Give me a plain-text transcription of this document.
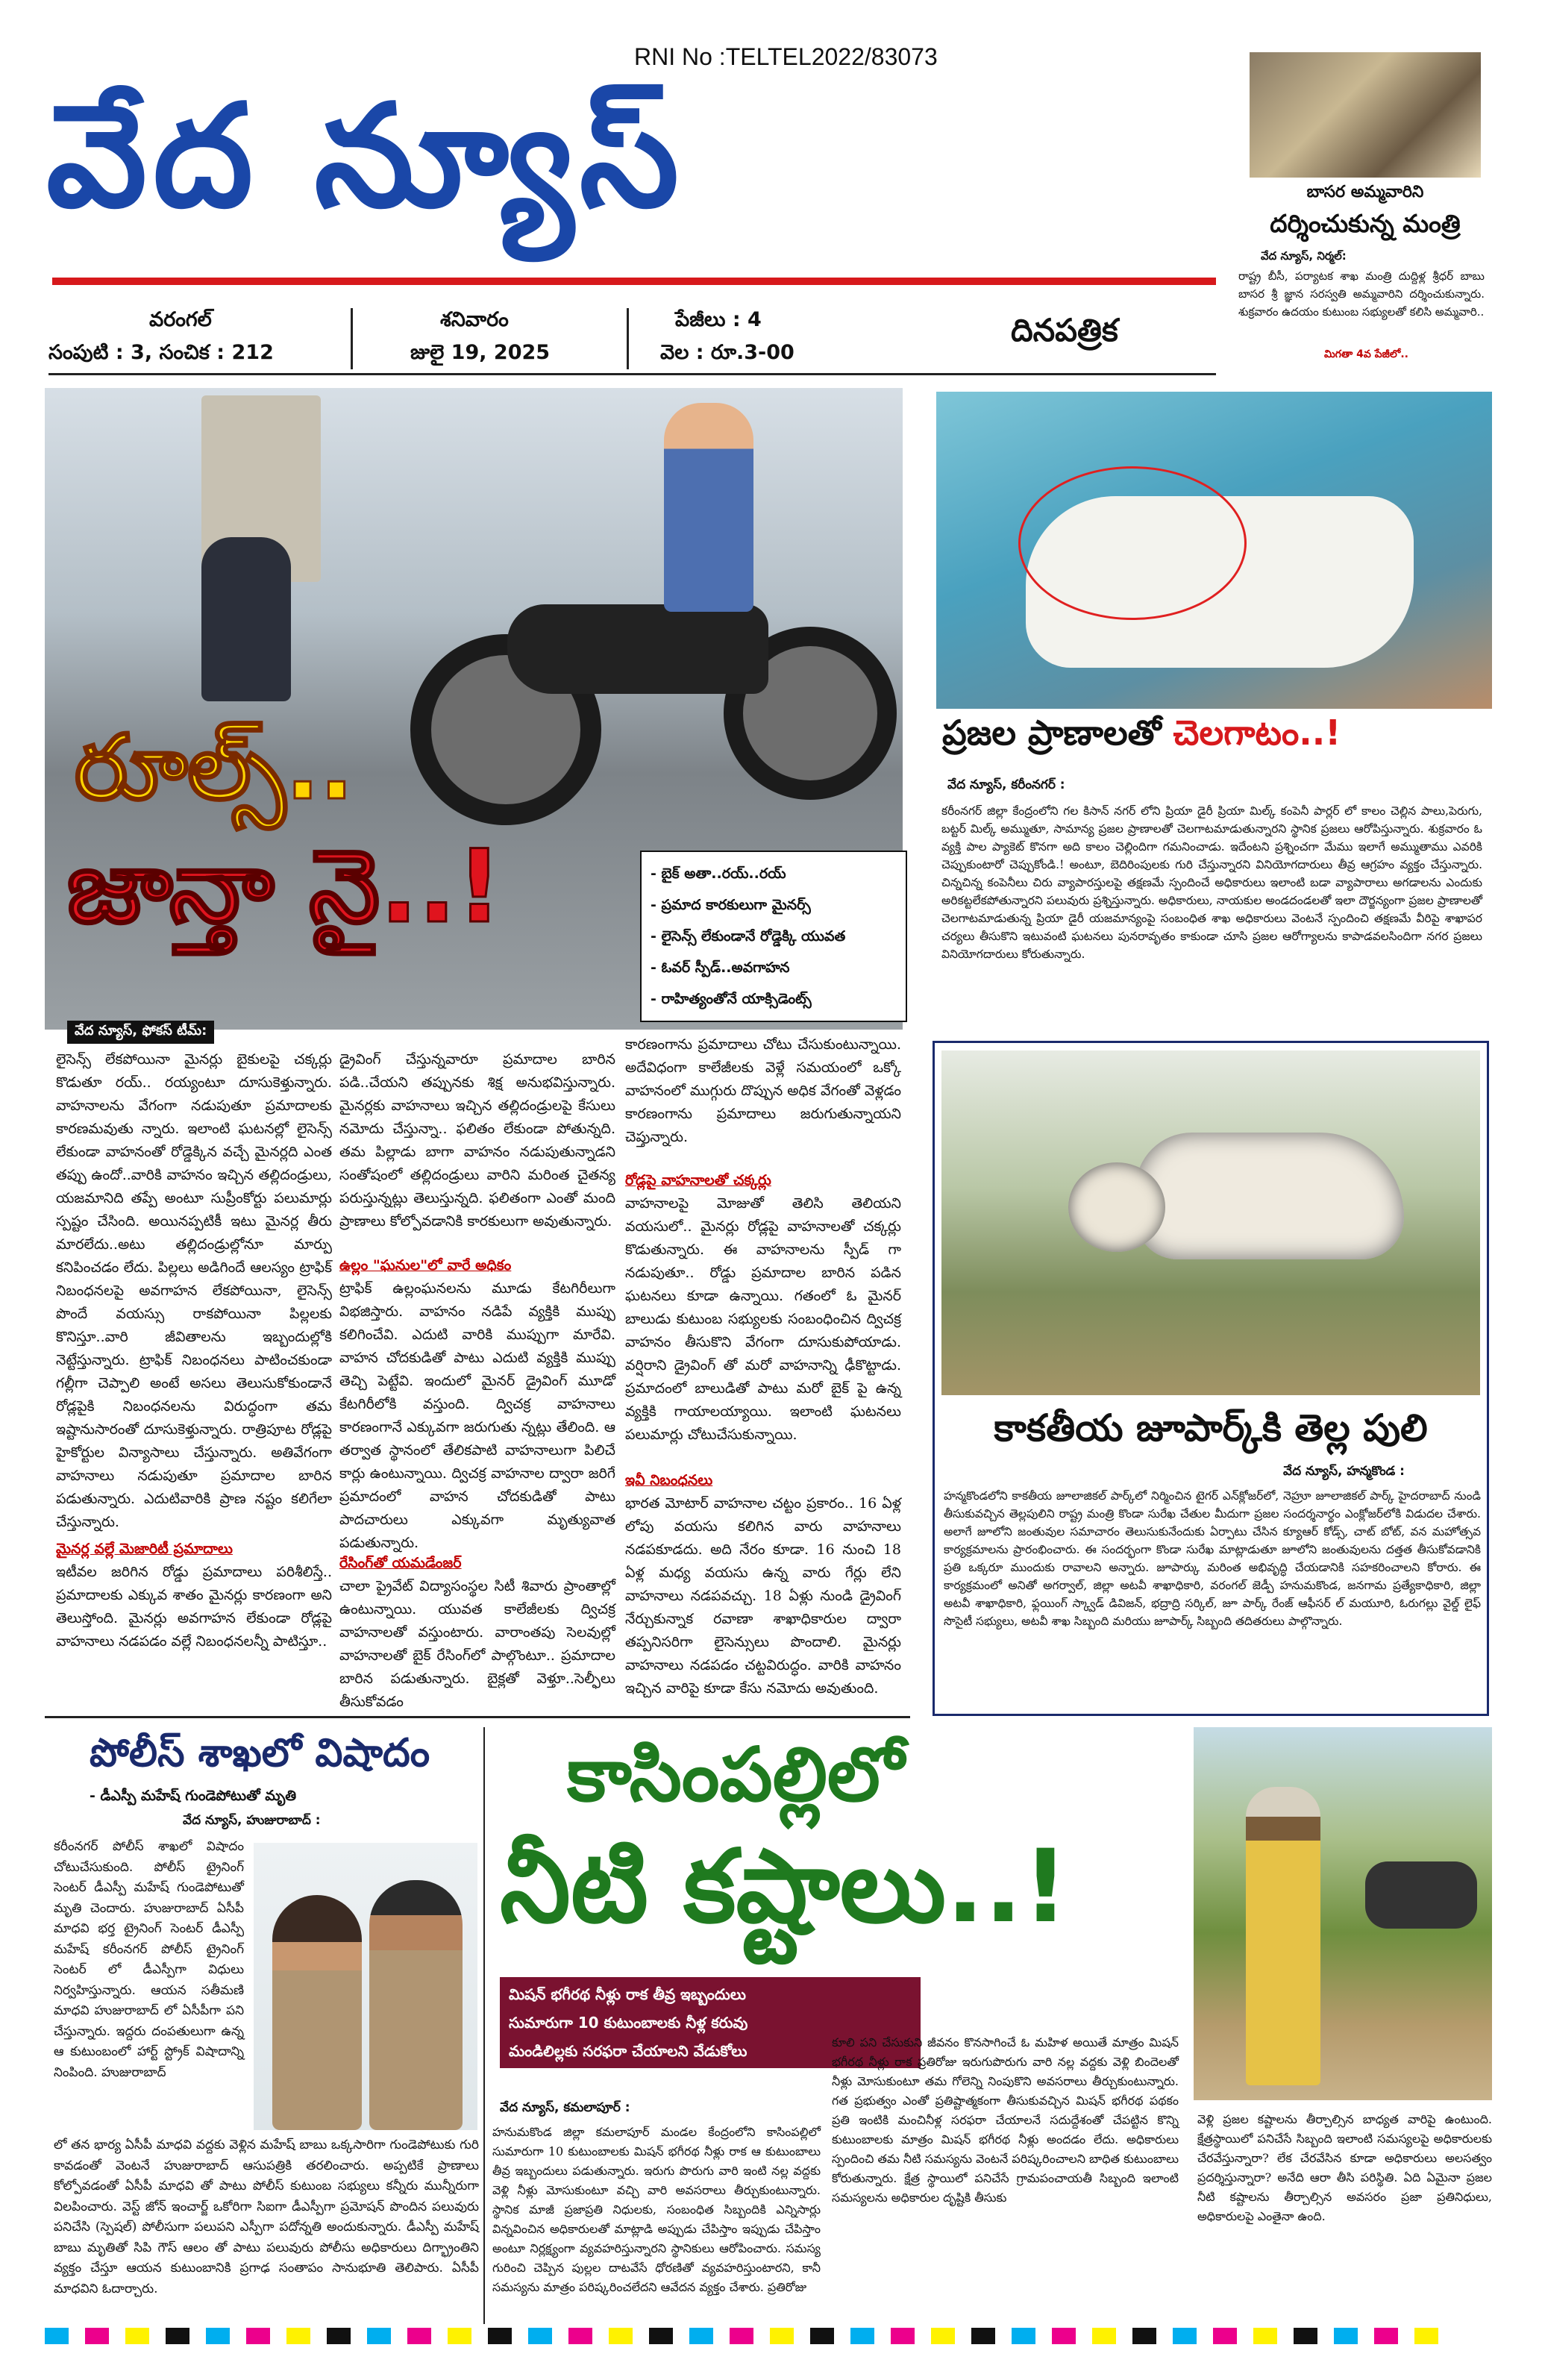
RNI No :TELTEL2022/83073
వేద న్యూస్
దినపత్రిక
వరంగల్
సంపుటి : 3, సంచిక : 212
శనివారం
జులై 19, 2025
పేజీలు : 4
వెల : రూ.3-00
బాసర అమ్మవారిని
దర్శించుకున్న మంత్రి
వేద న్యూస్, నిర్మల్:
రాష్ట్ర బీసీ, పర్యాటక శాఖ మంత్రి దుద్దిళ్ల శ్రీధర్ బాబు బాసర శ్రీ జ్ఞాన సరస్వతి అమ్మవారిని దర్శించుకున్నారు. శుక్రవారం ఉదయం కుటుంబ సభ్యులతో కలిసి అమ్మవారి..
మిగతా 4వ పేజీలో..
రూల్స్..
జాన్తా నై..!
-	బైక్ అతా..రయ్..రయ్
- ప్రమాద కారకులుగా మైనర్స్
- లైసెన్స్ లేకుండానే రోడ్డెక్కి యువత
- ఓవర్ స్పీడ్..అవగాహన
- రాహిత్యంతోనే యాక్సిడెంట్స్
వేద న్యూస్, ఫోకస్ టీమ్:
లైసెన్స్ లేకపోయినా మైనర్లు బైకులపై చక్కర్లు కొడుతూ రయ్.. రయ్యంటూ దూసుకెళ్తున్నారు. వాహనాలను వేగంగా నడుపుతూ ప్రమాదాలకు కారణమవుతు న్నారు. ఇలాంటి ఘటనల్లో లైసెన్స్ లేకుండా వాహనంతో రోడ్డెక్కిన వచ్చే మైనర్లది ఎంత తప్పు ఉందో..వారికి వాహనం ఇచ్చిన తల్లిదండ్రులు, యజమానిది తప్పే అంటూ సుప్రీంకోర్టు పలుమార్లు స్పష్టం చేసింది. అయినప్పటికీ ఇటు మైనర్ల తీరు మారలేదు..అటు తల్లిదండ్రుల్లోనూ మార్పు కనిపించడం లేదు. పిల్లలు అడిగిందే ఆలస్యం ట్రాఫిక్ నిబంధనలపై అవగాహన లేకపోయినా, లైసెన్స్ పొందే వయస్సు రాకపోయినా పిల్లలకు కొనిస్తూ..వారి జీవితాలను ఇబ్బందుల్లోకి నెట్టేస్తున్నారు. ట్రాఫిక్ నిబంధనలు పాటించకుండా గల్లీగా చెప్పాలి అంటే అసలు తెలుసుకోకుండానే రోడ్లపైకి నిబంధనలను విరుద్ధంగా తమ ఇష్టానుసారంతో దూసుకెళ్తున్నారు. రాత్రిపూట రోడ్లపై హైకోర్టుల విన్యాసాలు చేస్తున్నారు. అతివేగంగా వాహనాలు నడుపుతూ ప్రమాదాల బారిన పడుతున్నారు. ఎదుటివారికి ప్రాణ నష్టం కలిగేలా చేస్తున్నారు.
మైనర్ల వల్లే మెజారిటీ ప్రమాదాలు
ఇటీవల జరిగిన రోడ్డు ప్రమాదాలు పరిశీలిస్తే.. ప్రమాదాలకు ఎక్కువ శాతం మైనర్లు కారణంగా అని తెలుస్తోంది. మైనర్లు అవగాహన లేకుండా రోడ్లపై వాహనాలు నడపడం వల్లే నిబంధనలన్నీ పాటిస్తూ..
డ్రైవింగ్ చేస్తున్నవారూ ప్రమాదాల బారిన పడి..చేయని తప్పునకు శిక్ష అనుభవిస్తున్నారు. మైనర్లకు వాహనాలు ఇచ్చిన తల్లిదండ్రులపై కేసులు నమోదు చేస్తున్నా.. ఫలితం లేకుండా పోతున్నది. తమ పిల్లాడు బాగా వాహనం నడుపుతున్నాడని సంతోషంలో తల్లిదండ్రులు వారిని మరింత చైతన్య పరుస్తున్నట్లు తెలుస్తున్నది. ఫలితంగా ఎంతో మంది ప్రాణాలు కోల్పోవడానికి కారకులుగా అవుతున్నారు.
ఉల్లం "ఘనుల"లో వారే అధికం
ట్రాఫిక్ ఉల్లంఘనలను మూడు కేటగిరీలుగా విభజిస్తారు. వాహనం నడిపే వ్యక్తికి ముప్పు కలిగించేవి. ఎదుటి వారికి ముప్పుగా మారేవి. వాహన చోదకుడితో పాటు ఎదుటి వ్యక్తికి ముప్పు తెచ్చి పెట్టేవి. ఇందులో మైనర్ డ్రైవింగ్ మూడో కేటగిరీలోకి వస్తుంది. ద్విచక్ర వాహనాలు కారణంగానే ఎక్కువగా జరుగుతు న్నట్లు తేలింది. ఆ తర్వాత స్థానంలో తేలికపాటి వాహనాలుగా పిలిచే కార్లు ఉంటున్నాయి. ద్విచక్ర వాహనాల ద్వారా జరిగే ప్రమాదంలో వాహన చోదకుడితో పాటు పాదచారులు ఎక్కువగా మృత్యువాత పడుతున్నారు.
రేసింగ్‌తో యమడేంజర్
చాలా ప్రైవేట్ విద్యాసంస్థల సిటీ శివారు ప్రాంతాల్లో ఉంటున్నాయి. యువత కాలేజీలకు ద్విచక్ర వాహనాలతో వస్తుంటారు. వారాంతపు సెలవుల్లో వాహనాలతో బైక్ రేసింగ్‌లో పాల్గొంటూ.. ప్రమాదాల బారిన పడుతున్నారు. బైక్లతో వెళ్తూ..సెల్ఫీలు తీసుకోవడం
కారణంగాను ప్రమాదాలు చోటు చేసుకుంటున్నాయి. అదేవిధంగా కాలేజీలకు వెళ్లే సమయంలో ఒక్కో వాహనంలో ముగ్గురు దొప్పున అధిక వేగంతో వెళ్లడం కారణంగాను ప్రమాదాలు జరుగుతున్నాయని చెప్తున్నారు.
రోడ్లపై వాహనాలతో చక్కర్లు
వాహనాలపై మోజుతో తెలిసి తెలియని వయసులో.. మైనర్లు రోడ్లపై వాహనాలతో చక్కర్లు కొడుతున్నారు. ఈ వాహనాలను స్పీడ్ గా నడుపుతూ.. రోడ్డు ప్రమాదాల బారిన పడిన ఘటనలు కూడా ఉన్నాయి. గతంలో ఓ మైనర్ బాలుడు కుటుంబ సభ్యులకు సంబంధించిన ద్విచక్ర వాహనం తీసుకొని వేగంగా దూసుకుపోయాడు. వర్షిరాని డ్రైవింగ్ తో మరో వాహనాన్ని ఢీకొట్టాడు. ప్రమాదంలో బాలుడితో పాటు మరో బైక్ పై ఉన్న వ్యక్తికి గాయాలయ్యాయి. ఇలాంటి ఘటనలు పలుమార్లు చోటుచేసుకున్నాయి.
ఇవీ నిబంధనలు
భారత మోటార్ వాహనాల చట్టం ప్రకారం.. 16 ఏళ్ల లోపు వయసు కలిగిన వారు వాహనాలు నడపకూడదు. అది నేరం కూడా. 16 నుంచి 18 ఏళ్ల మధ్య వయసు ఉన్న వారు గేర్లు లేని వాహనాలు నడపవచ్చు. 18 ఏళ్లు నుండి డ్రైవింగ్ నేర్చుకున్నాక రవాణా శాఖాధికారుల ద్వారా తప్పనిసరిగా లైసెన్సులు పొందాలి. మైనర్లు వాహనాలు నడపడం చట్టవిరుద్ధం. వారికి వాహనం ఇచ్చిన వారిపై కూడా కేసు నమోదు అవుతుంది.
ప్రజల ప్రాణాలతో చెలగాటం..!
వేద న్యూస్, కరీంనగర్ :
కరీంనగర్ జిల్లా కేంద్రంలోని గల కిసాన్ నగర్ లోని ప్రియా డైరీ ప్రియా మిల్క్ కంపెనీ పార్లర్ లో కాలం చెల్లిన పాలు,పెరుగు, బట్టర్ మిల్క్ అమ్ముతూ, సామాన్య ప్రజల ప్రాణాలతో చెలగాటమాడుతున్నారని స్థానిక ప్రజలు ఆరోపిస్తున్నారు. శుక్రవారం ఓ వ్యక్తి పాల ప్యాకెట్ కొనగా అది కాలం చెల్లిందిగా గమనించాడు. ఇదేంటని ప్రశ్నించగా మేము ఇలాగే అమ్ముతాము ఎవరికి చెప్పుకుంటారో చెప్పుకోండి.! అంటూ, బెదిరింపులకు గురి చేస్తున్నారని వినియోగదారులు తీవ్ర ఆగ్రహం వ్యక్తం చేస్తున్నారు. చిన్నచిన్న కంపెనీలు చిరు వ్యాపారస్తులపై తక్షణమే స్పందించే అధికారులు ఇలాంటి బడా వ్యాపారాలు అగడాలను ఎందుకు అరికట్టలేకపోతున్నారని పలువురు ప్రశ్నిస్తున్నారు. అధికారులు, నాయకుల అండదండలతో ఇలా దౌర్జన్యంగా ప్రజల ప్రాణాలతో చెలగాటమాడుతున్న ప్రియా డైరీ యజమాన్యంపై సంబంధిత శాఖ అధికారులు వెంటనే స్పందించి తక్షణమే వీరిపై శాఖాపర చర్యలు తీసుకొని ఇటువంటి ఘటనలు పునరావృతం కాకుండా చూసి ప్రజల ఆరోగ్యాలను కాపాడవలసిందిగా నగర ప్రజలు వినియోగదారులు కోరుతున్నారు.
కాకతీయ జూపార్క్‌కి తెల్ల పులి
వేద న్యూస్, హన్మకొండ :
హన్మకొండలోని కాకతీయ జూలాజికల్ పార్క్‌లో నిర్మించిన టైగర్ ఎన్‌క్లోజర్‌లో, నెహ్రూ జూలాజికల్ పార్క్ హైదరాబాద్ నుండి తీసుకువచ్చిన తెల్లపులిని రాష్ట్ర మంత్రి కొండా సురేఖ చేతుల మీదుగా ప్రజల సందర్శనార్థం ఎంక్లోజర్‌లోకి విడుదల చేశారు. అలాగే జూలోని జంతువుల సమాచారం తెలుసుకునేందుకు ఏర్పాటు చేసిన క్యూఆర్ కోడ్స్, చాట్ బోట్, వన మహోత్సవ కార్యక్రమాలను ప్రారంభించారు. ఈ సందర్భంగా కొండా సురేఖ మాట్లాడుతూ జూలోని జంతువులను దత్తత తీసుకోవడానికి ప్రతి ఒక్కరూ ముందుకు రావాలని అన్నారు. జూపార్కు మరింత అభివృద్ధి చేయడానికి సహకరించాలని కోరారు. ఈ కార్యక్రమంలో అనితో అగర్వాల్, జిల్లా అటవీ శాఖాధికారి, వరంగల్ జెడ్పీ హనుమకొండ, జనగామ ప్రత్యేకాధికారి, జిల్లా అటవీ శాఖాధికారి, ఫ్లయింగ్ స్క్వాడ్ డివిజన్, భద్రాద్రి సర్కిల్, జూ పార్క్ రేంజ్ ఆఫీసర్ ల్ మయూరి, ఓరుగల్లు వైల్డ్ లైఫ్ సొసైటీ సభ్యులు, అటవీ శాఖ సిబ్బంది మరియు జూపార్క్ సిబ్బంది తదితరులు పాల్గొన్నారు.
పోలీస్ శాఖలో విషాదం
- డీఎస్పీ మహేష్ గుండెపోటుతో మృతి
వేద న్యూస్, హుజురాబాద్ :
కరీంనగర్ పోలీస్ శాఖలో విషాదం చోటుచేసుకుంది. పోలీస్ ట్రైనింగ్ సెంటర్ డీఎస్పీ మహేష్ గుండెపోటుతో మృతి చెందారు. హుజురాబాద్ ఏసీపీ మాధవి భర్త ట్రైనింగ్ సెంటర్ డీఎస్పీ మహేష్ కరీంనగర్ పోలీస్ ట్రైనింగ్ సెంటర్ లో డీఎస్పీగా విధులు నిర్వహిస్తున్నారు. ఆయన సతీమణి మాధవి హుజురాబాద్ లో ఏసీపీగా పని చేస్తున్నారు. ఇద్దరు దంపతులుగా ఉన్న ఆ కుటుంబంలో హార్ట్ స్ట్రోక్ విషాదాన్ని నింపింది. హుజురాబాద్
లో తన భార్య ఏసీపీ మాధవి వద్దకు వెళ్లిన మహేష్ బాబు ఒక్కసారిగా గుండెపోటుకు గురి కావడంతో వెంటనే హుజురాబాద్ ఆసుపత్రికి తరలించారు. అప్పటికే ప్రాణాలు కోల్పోవడంతో ఏసీపీ మాధవి తో పాటు పోలీస్ కుటుంబ సభ్యులు కన్నీరు మున్నీరుగా విలపించారు. వెస్ట్ జోన్ ఇంచార్జ్ ఒకోరిగా సిఐగా డీఎస్పీగా ప్రమోషన్ పొందిన పలువురు పనిచేసి (స్పెషల్) పోలీసుగా పలుపని ఎస్పీగా పదోన్నతి అందుకున్నారు. డీఎస్పీ మహేష్ బాబు మృతితో సిపి గౌస్ ఆలం తో పాటు పలువురు పోలీసు అధికారులు దిగ్భ్రాంతిని వ్యక్తం చేస్తూ ఆయన కుటుంబానికి ప్రగాఢ సంతాపం సానుభూతి తెలిపారు. ఏసీపీ మాధవిని ఓదార్చారు.
కాసింపల్లిలో
నీటి కష్టాలు..!
మిషన్ భగీరథ నీళ్లు రాక తీవ్ర ఇబ్బందులు
సుమారుగా 10 కుటుంబాలకు నీళ్ల కరువు
మండిలిల్లకు సరఫరా చేయాలని వేడుకోలు
వేద న్యూస్, కమలాపూర్ :
హనుమకొండ జిల్లా కమలాపూర్ మండల కేంద్రంలోని కాసింపల్లిలో సుమారుగా 10 కుటుంబాలకు మిషన్ భగీరథ నీళ్లు రాక ఆ కుటుంబాలు తీవ్ర ఇబ్బందులు పడుతున్నారు. ఇరుగు పొరుగు వారి ఇంటి నల్ల వద్దకు వెళ్లి నీళ్లు మోసుకుంటూ వచ్చి వారి అవసరాలు తీర్చుకుంటున్నారు. స్థానిక మాజీ ప్రజాప్రతి నిధులకు, సంబంధిత సిబ్బందికి ఎన్నిసార్లు విన్నవించిన అధికారులతో మాట్లాడి అప్పుడు చేపిస్తాం ఇప్పుడు చేపిస్తాం అంటూ నిర్లక్ష్యంగా వ్యవహరిస్తున్నారని స్థానికులు ఆరోపించారు. సమస్య గురించి చెప్పిన పుల్లల దాటవేసే ధోరణితో వ్యవహరిస్తుంటారని, కానీ సమస్యను మాత్రం పరిష్కరించలేదని ఆవేదన వ్యక్తం చేశారు. ప్రతిరోజు
కూలి పని చేసుకుని జీవనం కొనసాగించే ఓ మహిళ అయితే మాత్రం మిషన్ భగీరథ నీళ్లు రాక ప్రతిరోజు ఇరుగుపొరుగు వారి నల్ల వద్దకు వెళ్లి బిందెలతో నీళ్లు మోసుకుంటూ తమ గోలెన్ని నింపుకొని అవసరాలు తీర్చుకుంటున్నారు. గత ప్రభుత్వం ఎంతో ప్రతిష్టాత్మకంగా తీసుకువచ్చిన మిషన్ భగీరథ పథకం ప్రతి ఇంటికి మంచినీళ్ల సరఫరా చేయాలనే సదుద్దేశంతో చేపట్టిన కొన్ని కుటుంబాలకు మాత్రం మిషన్ భగీరథ నీళ్లు అందడం లేదు. అధికారులు స్పందించి తమ నీటి సమస్యను వెంటనే పరిష్కరించాలని బాధిత కుటుంబాలు కోరుతున్నారు. క్షేత్ర స్థాయిలో పనిచేసే గ్రామపంచాయతీ సిబ్బంది ఇలాంటి సమస్యలను అధికారుల దృష్టికి తీసుకు
వెళ్లి ప్రజల కష్టాలను తీర్చాల్సిన బాధ్యత వారిపై ఉంటుంది. క్షేత్రస్థాయిలో పనిచేసే సిబ్బంది ఇలాంటి సమస్యలపై అధికారులకు చేరవేస్తున్నారా? లేక చేరవేసిన కూడా అధికారులు అలసత్వం ప్రదర్శిస్తున్నారా? అనేది ఆరా తీసి పరిస్థితి. ఏది ఏమైనా ప్రజల నీటి కష్టాలను తీర్చాల్సిన అవసరం ప్రజా ప్రతినిధులు, అధికారులపై ఎంతైనా ఉంది.
